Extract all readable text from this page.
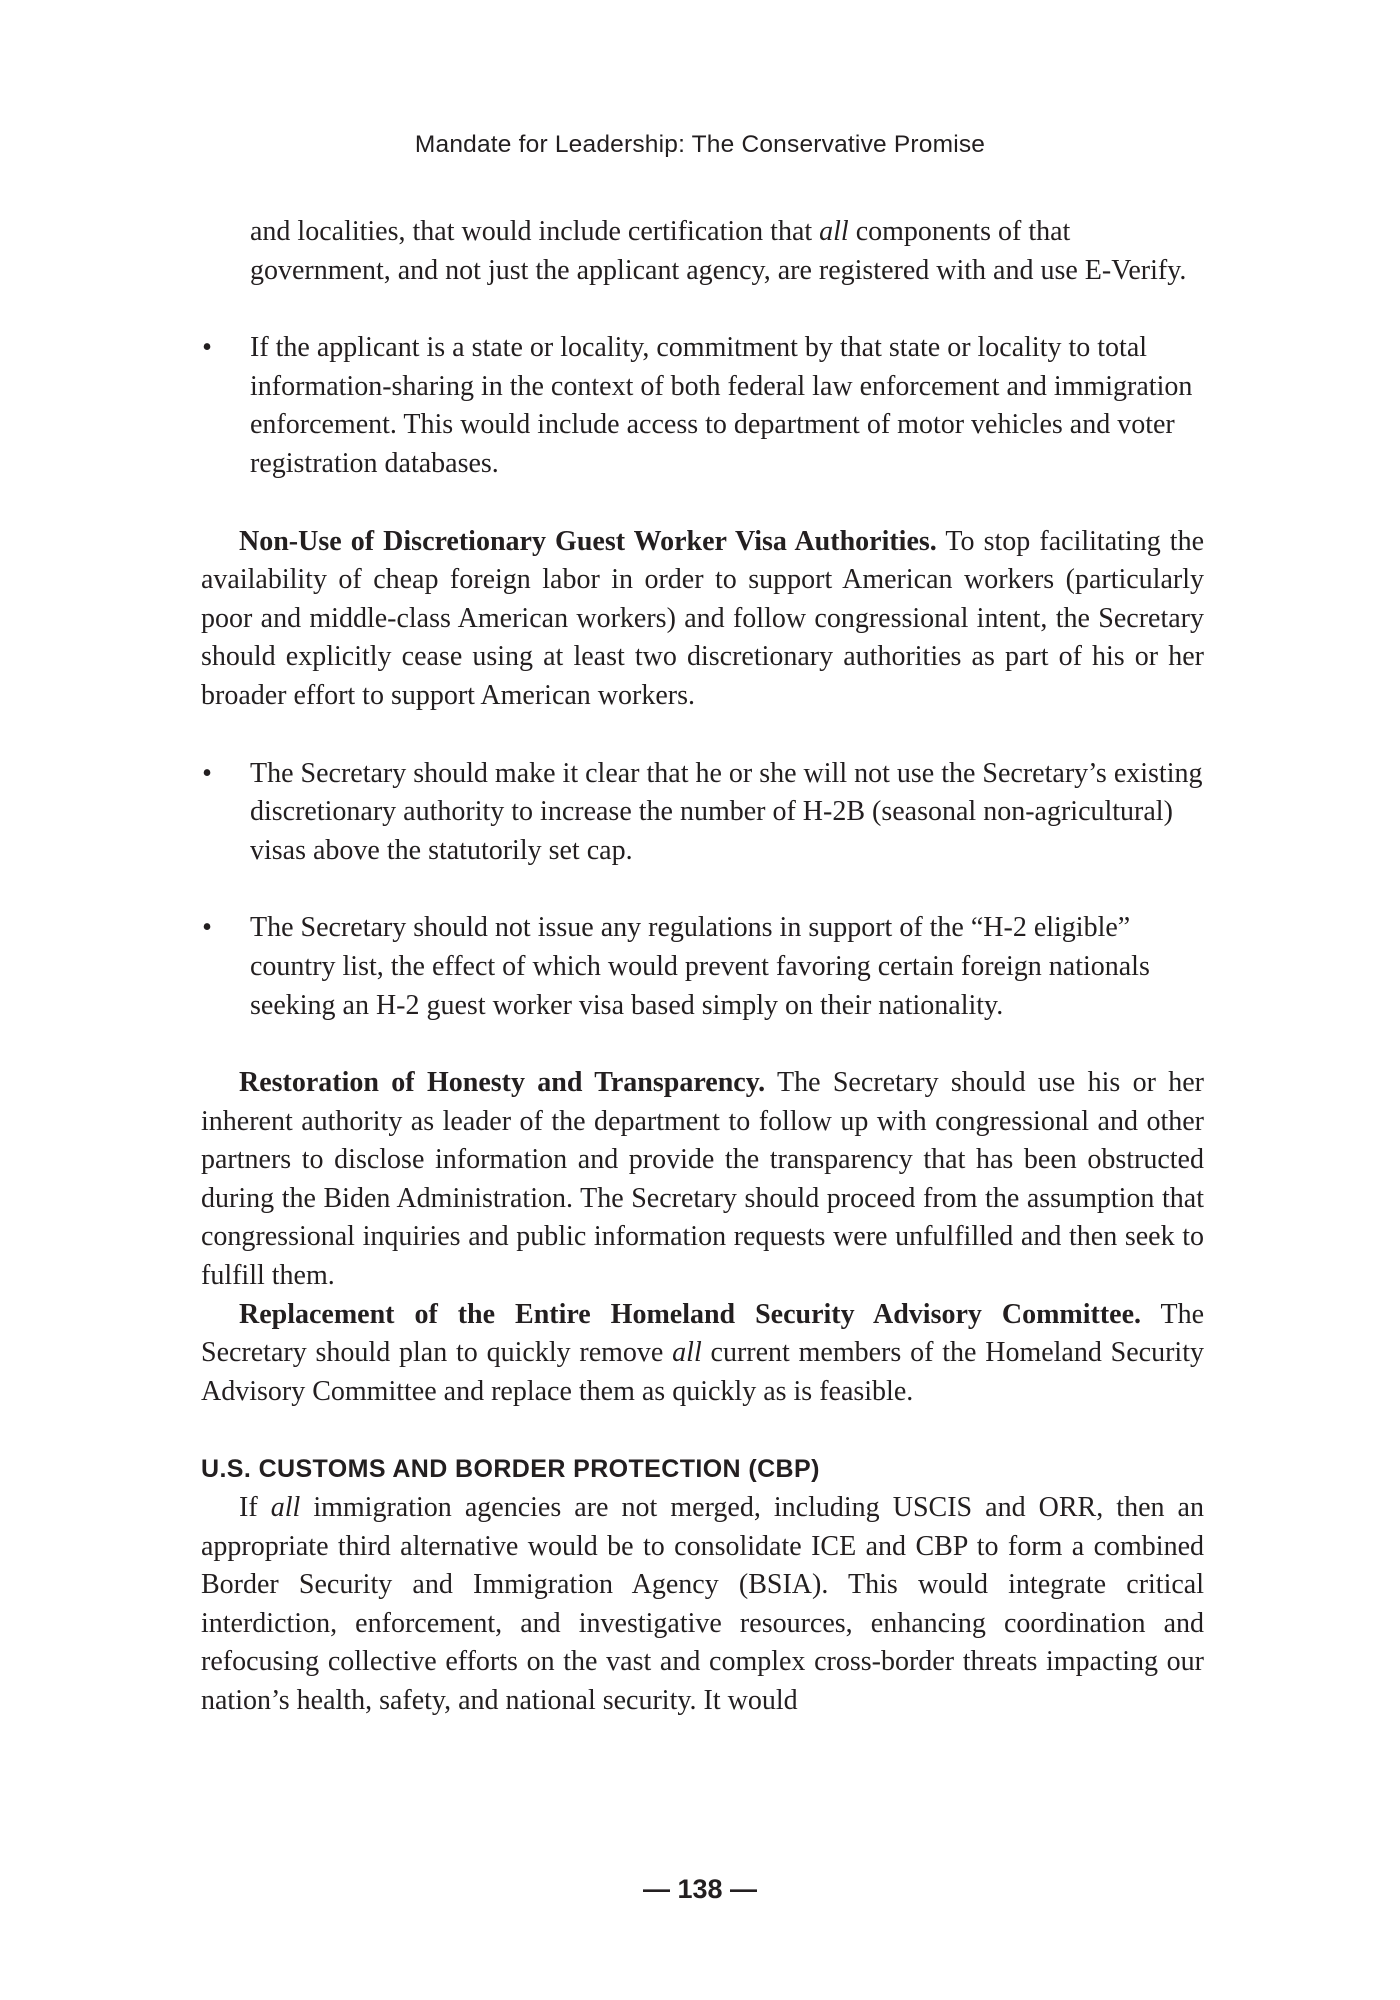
Mandate for Leadership: The Conservative Promise

and localities, that would include certification that all components of that government, and not just the applicant agency, are registered with and use E-Verify.

• If the applicant is a state or locality, commitment by that state or locality to total information-sharing in the context of both federal law enforcement and immigration enforcement. This would include access to department of motor vehicles and voter registration databases.

Non-Use of Discretionary Guest Worker Visa Authorities. To stop facilitating the availability of cheap foreign labor in order to support American workers (particularly poor and middle-class American workers) and follow congressional intent, the Secretary should explicitly cease using at least two discretionary authorities as part of his or her broader effort to support American workers.

• The Secretary should make it clear that he or she will not use the Secretary’s existing discretionary authority to increase the number of H-2B (seasonal non-agricultural) visas above the statutorily set cap.
• The Secretary should not issue any regulations in support of the “H-2 eligible” country list, the effect of which would prevent favoring certain foreign nationals seeking an H-2 guest worker visa based simply on their nationality.

Restoration of Honesty and Transparency. The Secretary should use his or her inherent authority as leader of the department to follow up with congressional and other partners to disclose information and provide the transparency that has been obstructed during the Biden Administration. The Secretary should proceed from the assumption that congressional inquiries and public information requests were unfulfilled and then seek to fulfill them.

Replacement of the Entire Homeland Security Advisory Committee. The Secretary should plan to quickly remove all current members of the Homeland Security Advisory Committee and replace them as quickly as is feasible.

U.S. CUSTOMS AND BORDER PROTECTION (CBP)

If all immigration agencies are not merged, including USCIS and ORR, then an appropriate third alternative would be to consolidate ICE and CBP to form a combined Border Security and Immigration Agency (BSIA). This would integrate critical interdiction, enforcement, and investigative resources, enhancing coordination and refocusing collective efforts on the vast and complex cross-border threats impacting our nation’s health, safety, and national security. It would

— 138 —
